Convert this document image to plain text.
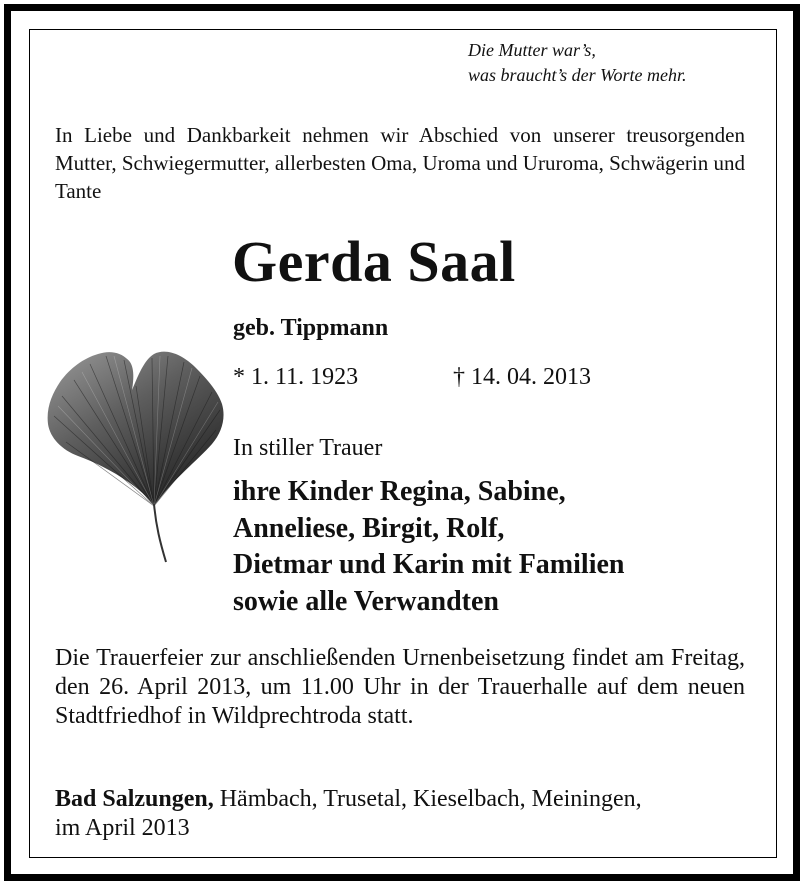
Die Mutter war’s,
was braucht’s der Worte mehr.
In Liebe und Dankbarkeit nehmen wir Abschied von unserer treusorgenden Mutter, Schwiegermutter, allerbesten Oma, Uroma und Ururoma, Schwägerin und Tante
Gerda Saal
geb. Tippmann
* 1. 11. 1923	† 14. 04. 2013
In stiller Trauer
ihre Kinder Regina, Sabine,
Anneliese, Birgit, Rolf,
Dietmar und Karin mit Familien
sowie alle Verwandten
Die Trauerfeier zur anschließenden Urnenbeisetzung findet am Freitag, den 26. April 2013, um 11.00 Uhr in der Trauerhalle auf dem neuen Stadtfriedhof in Wildprechtroda statt.
Bad Salzungen, Hämbach, Trusetal, Kieselbach, Meiningen,
im April 2013
